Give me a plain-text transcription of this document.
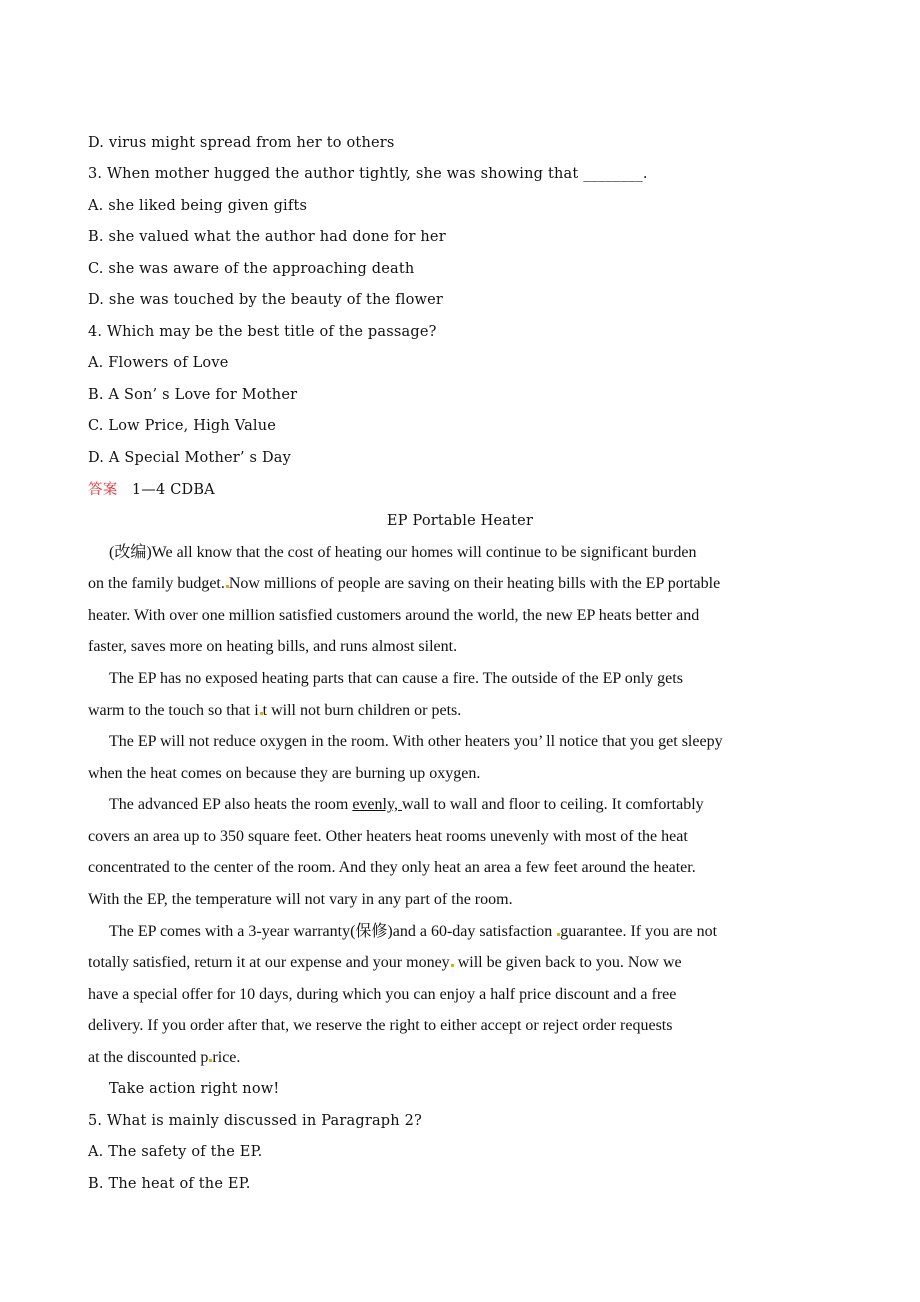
D. virus might spread from her to others
3. When mother hugged the author tightly, she was showing that ________.
A. she liked being given gifts
B. she valued what the author had done for her
C. she was aware of the approaching death
D. she was touched by the beauty of the flower
4. Which may be the best title of the passage?
A. Flowers of Love
B. A Son’ s Love for Mother
C. Low Price, High Value
D. A Special Mother’ s Day
答案 1—4 CDBA
EP Portable Heater
(改编)We all know that the cost of heating our homes will continue to be significant burden
on the family budget. Now millions of people are saving on their heating bills with the EP portable
heater. With over one million satisfied customers around the world, the new EP heats better and
faster, saves more on heating bills, and runs almost silent.
The EP has no exposed heating parts that can cause a fire. The outside of the EP only gets
warm to the touch so that i t will not burn children or pets.
The EP will not reduce oxygen in the room. With other heaters you’ ll notice that you get sleepy
when the heat comes on because they are burning up oxygen.
The advanced EP also heats the room evenly, wall to wall and floor to ceiling. It comfortably
covers an area up to 350 square feet. Other heaters heat rooms unevenly with most of the heat
concentrated to the center of the room. And they only heat an area a few feet around the heater.
With the EP, the temperature will not vary in any part of the room.
The EP comes with a 3-year warranty(保修)and a 60-day satisfaction guarantee. If you are not
totally satisfied, return it at our expense and your money will be given back to you. Now we
have a special offer for 10 days, during which you can enjoy a half price discount and a free
delivery. If you order after that, we reserve the right to either accept or reject order requests
at the discounted p rice.
Take action right now!
5. What is mainly discussed in Paragraph 2?
A. The safety of the EP.
B. The heat of the EP.
